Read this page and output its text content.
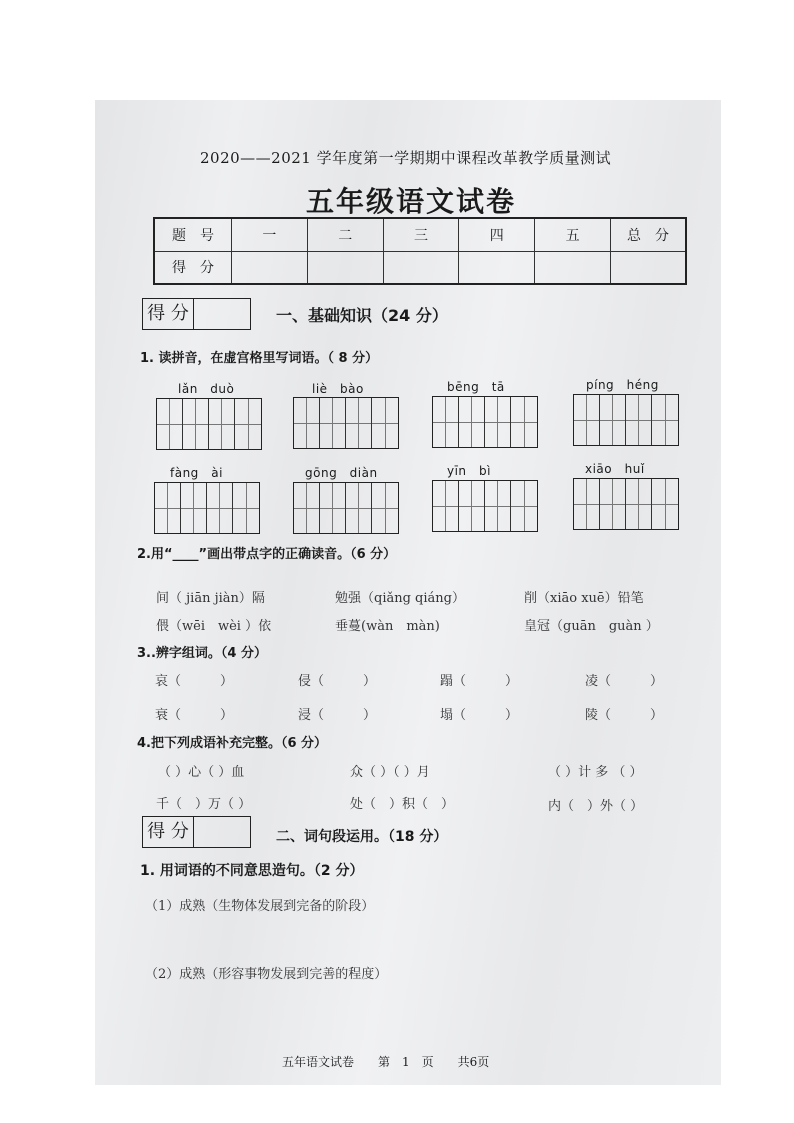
2020——2021 学年度第一学期期中课程改革教学质量测试
五年级语文试卷
题　号	一	二	三	四	五	总　分
得　分						
得 分	一、基础知识（24 分）
1. 读拼音，在虚宫格里写词语。（ 8 分）
lǎn　duò	liè　bào	bēng　tā	píng　héng
fàng　ài	gōng　diàn	yīn　bì	xiāo　huǐ
2.用“____”画出带点字的正确读音。（6 分）
间（ jiān jiàn）隔	勉强（qiǎng qiáng）	削（xiāo xuē）铅笔
偎（wēi　wèi ）依	垂蔓(wàn　màn)	皇冠（guān　guàn ）
3..辨字组词。（4 分）
哀（　　　）	侵（　　　）	蹋（　　　）	凌（　　　）
衰（　　　）	浸（　　　）	塌（　　　）	陵（　　　）
4.把下列成语补充完整。（6 分）
（ ）心（ ）血	众（ ）（ ）月	（ ）计 多 （ ）
千（　）万（ ）	处（　）积（　）	内（　）外（ ）
得 分	二、词句段运用。（18 分）
1. 用词语的不同意思造句。（2 分）
（1）成熟（生物体发展到完备的阶段）
（2）成熟（形容事物发展到完善的程度）
五年语文试卷　　第　1　页　　共6页
